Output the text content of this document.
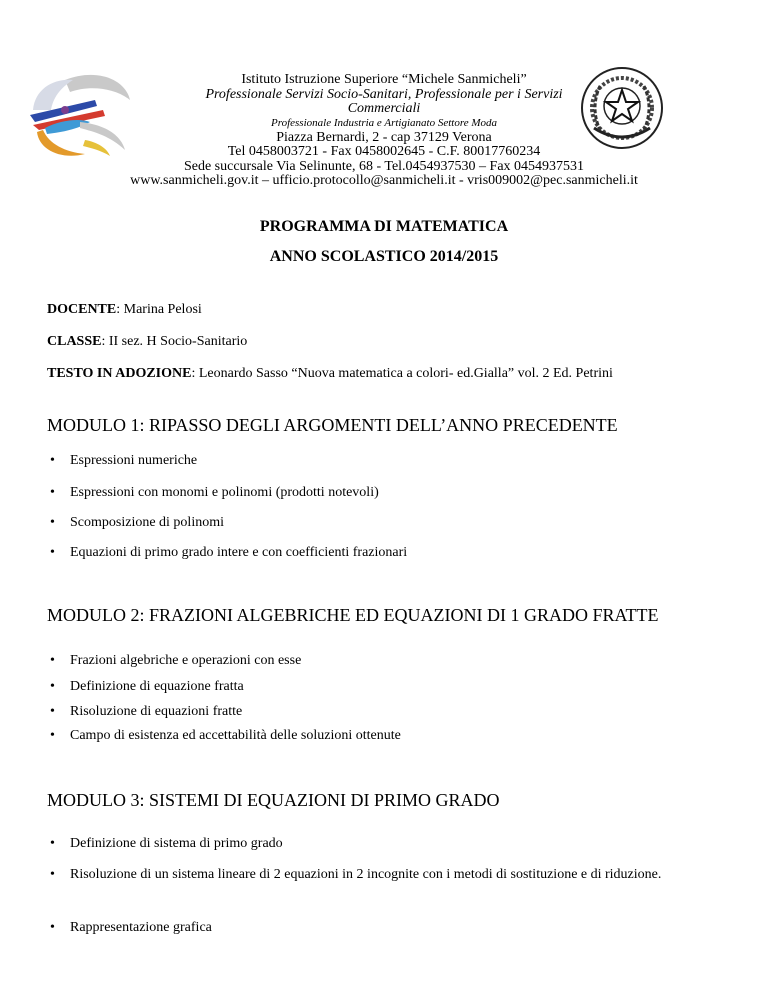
Istituto Istruzione Superiore “Michele Sanmicheli”
Professionale Servizi Socio-Sanitari, Professionale per i Servizi
Commerciali
Professionale Industria e Artigianato Settore Moda
Piazza Bernardi, 2 - cap 37129 Verona
Tel 0458003721 - Fax 0458002645 - C.F. 80017760234
Sede succursale Via Selinunte, 68 - Tel.0454937530 – Fax 0454937531
www.sanmicheli.gov.it – ufficio.protocollo@sanmicheli.it - vris009002@pec.sanmicheli.it
PROGRAMMA DI MATEMATICA
ANNO SCOLASTICO 2014/2015
DOCENTE: Marina Pelosi
CLASSE: II sez. H Socio-Sanitario
TESTO IN ADOZIONE: Leonardo Sasso “Nuova matematica a colori- ed.Gialla” vol. 2 Ed. Petrini
MODULO 1: RIPASSO DEGLI ARGOMENTI DELL’ANNO PRECEDENTE
•	Espressioni numeriche
•	Espressioni con monomi e polinomi (prodotti notevoli)
•	Scomposizione di polinomi
•	Equazioni di primo grado intere e con coefficienti frazionari
MODULO 2: FRAZIONI ALGEBRICHE ED EQUAZIONI DI 1 GRADO FRATTE
•	Frazioni algebriche e operazioni con esse
•	Definizione di equazione fratta
•	Risoluzione di equazioni fratte
•	Campo di esistenza ed accettabilità delle soluzioni ottenute
MODULO 3: SISTEMI DI EQUAZIONI DI PRIMO GRADO
•	Definizione di sistema di primo grado
•	Risoluzione di un sistema lineare di 2 equazioni in 2 incognite con i metodi di sostituzione e di riduzione.
•	Rappresentazione grafica
